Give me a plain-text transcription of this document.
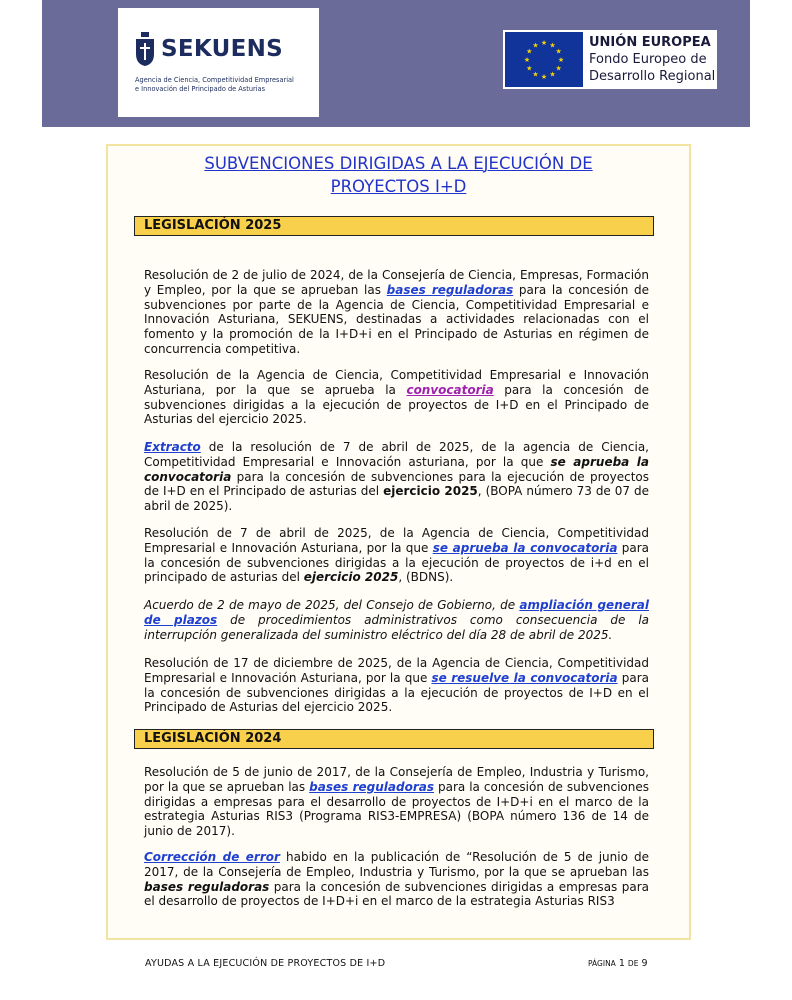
SEKUENS
Agencia de Ciencia, Competitividad Empresarial
e Innovación del Principado de Asturias
★ ★
★
★
★
★
★
★
★
★
★
★	UNIÓN EUROPEA
Fondo Europeo de
Desarrollo Regional
SUBVENCIONES DIRIGIDAS A LA EJECUCIÓN DE
PROYECTOS I+D
LEGISLACIÓN 2025
Resolución de 2 de julio de 2024, de la Consejería de Ciencia, Empresas, Formación y Empleo, por la que se aprueban las bases reguladoras para la concesión de subvenciones por parte de la Agencia de Ciencia, Competitividad Empresarial e Innovación Asturiana, SEKUENS, destinadas a actividades relacionadas con el fomento y la promoción de la I+D+i en el Principado de Asturias en régimen de concurrencia competitiva.
Resolución de la Agencia de Ciencia, Competitividad Empresarial e Innovación Asturiana, por la que se aprueba la convocatoria para la concesión de subvenciones dirigidas a la ejecución de proyectos de I+D en el Principado de Asturias del ejercicio 2025.
Extracto de la resolución de 7 de abril de 2025, de la agencia de Ciencia, Competitividad Empresarial e Innovación asturiana, por la que se aprueba la convocatoria para la concesión de subvenciones para la ejecución de proyectos de I+D en el Principado de asturias del ejercicio 2025, (BOPA número 73 de 07 de abril de 2025).
Resolución de 7 de abril de 2025, de la Agencia de Ciencia, Competitividad Empresarial e Innovación Asturiana, por la que se aprueba la convocatoria para la concesión de subvenciones dirigidas a la ejecución de proyectos de i+d en el principado de asturias del ejercicio 2025, (BDNS).
Acuerdo de 2 de mayo de 2025, del Consejo de Gobierno, de ampliación general de plazos de procedimientos administrativos como consecuencia de la interrupción generalizada del suministro eléctrico del día 28 de abril de 2025.
Resolución de 17 de diciembre de 2025, de la Agencia de Ciencia, Competitividad Empresarial e Innovación Asturiana, por la que se resuelve la convocatoria para la concesión de subvenciones dirigidas a la ejecución de proyectos de I+D en el Principado de Asturias del ejercicio 2025.
LEGISLACIÓN 2024
Resolución de 5 de junio de 2017, de la Consejería de Empleo, Industria y Turismo, por la que se aprueban las bases reguladoras para la concesión de subvenciones dirigidas a empresas para el desarrollo de proyectos de I+D+i en el marco de la estrategia Asturias RIS3 (Programa RIS3-EMPRESA) (BOPA número 136 de 14 de junio de 2017).
Corrección de error habido en la publicación de “Resolución de 5 de junio de 2017, de la Consejería de Empleo, Industria y Turismo, por la que se aprueban las bases reguladoras para la concesión de subvenciones dirigidas a empresas para el desarrollo de proyectos de I+D+i en el marco de la estrategia Asturias RIS3
AYUDAS A LA EJECUCIÓN DE PROYECTOS DE I+D	PÁGINA 1 DE 9
